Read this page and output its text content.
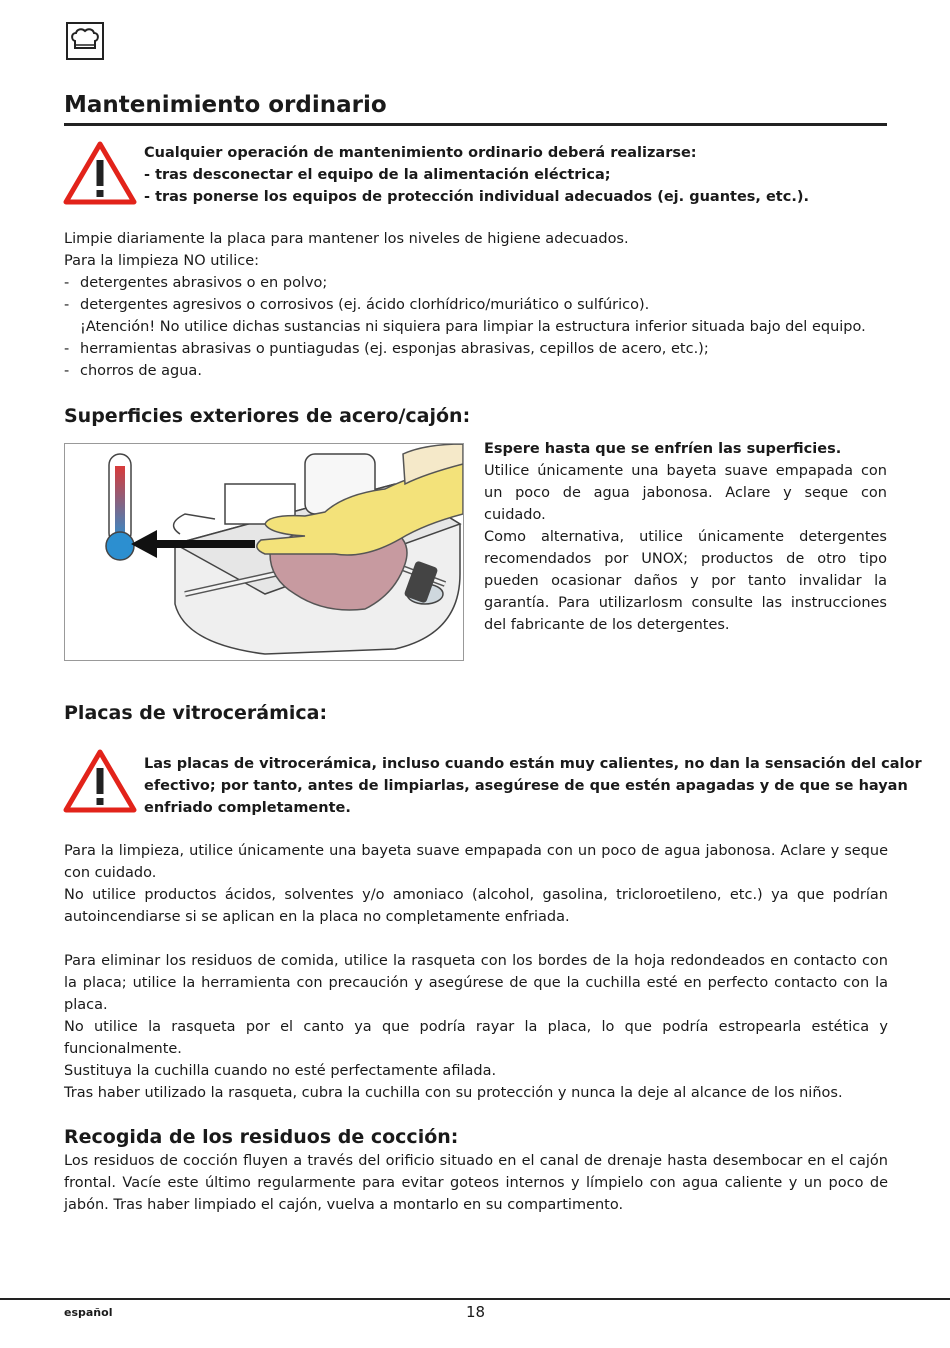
Mantenimiento ordinario
Cualquier operación de mantenimiento ordinario deberá realizarse:
- tras desconectar el equipo de la alimentación eléctrica;
- tras ponerse los equipos de protección individual adecuados (ej. guantes, etc.).

Limpie diariamente la placa para mantener los niveles de higiene adecuados.

Para la limpieza NO utilice:

- detergentes abrasivos o en polvo;
- detergentes agresivos o corrosivos (ej. ácido clorhídrico/muriático o sulfúrico).
¡Atención! No utilice dichas sustancias ni siquiera para limpiar la estructura inferior situada bajo del equipo.
- herramientas abrasivas o puntiagudas (ej. esponjas abrasivas, cepillos de acero, etc.);
- chorros de agua.
Superficies exteriores de acero/cajón:

Espere hasta que se enfríen las superficies.

Utilice únicamente una bayeta suave empapada con un poco de agua jabonosa. Aclare y seque con cuidado.

Como alternativa, utilice únicamente detergentes recomendados por UNOX; productos de otro tipo pueden ocasionar daños y por tanto invalidar la garantía. Para utilizarlosm consulte las instrucciones del fabricante de los detergentes.

Placas de vitrocerámica:
Las placas de vitrocerámica, incluso cuando están muy calientes, no dan la sensación del calor
efectivo; por tanto, antes de limpiarlas, asegúrese de que estén apagadas y de que se hayan
enfriado completamente.

Para la limpieza, utilice únicamente una bayeta suave empapada con un poco de agua jabonosa. Aclare y seque con cuidado.

No utilice productos ácidos, solventes y/o amoniaco (alcohol, gasolina, tricloroetileno, etc.) ya que podrían autoincendiarse si se aplican en la placa no completamente enfriada.

Para eliminar los residuos de comida, utilice la rasqueta con los bordes de la hoja redondeados en contacto con la placa; utilice la herramienta con precaución y asegúrese de que la cuchilla esté en perfecto contacto con la placa.

No utilice la rasqueta por el canto ya que podría rayar la placa, lo que podría estropearla estética y funcionalmente.

Sustituya la cuchilla cuando no esté perfectamente afilada.

Tras haber utilizado la rasqueta, cubra la cuchilla con su protección y nunca la deje al alcance de los niños.

Recogida de los residuos de cocción:

Los residuos de cocción fluyen a través del orificio situado en el canal de drenaje hasta desembocar en el cajón frontal. Vacíe este último regularmente para evitar goteos internos y límpielo con agua caliente y un poco de jabón. Tras haber limpiado el cajón, vuelva a montarlo en su compartimento.

español	18
